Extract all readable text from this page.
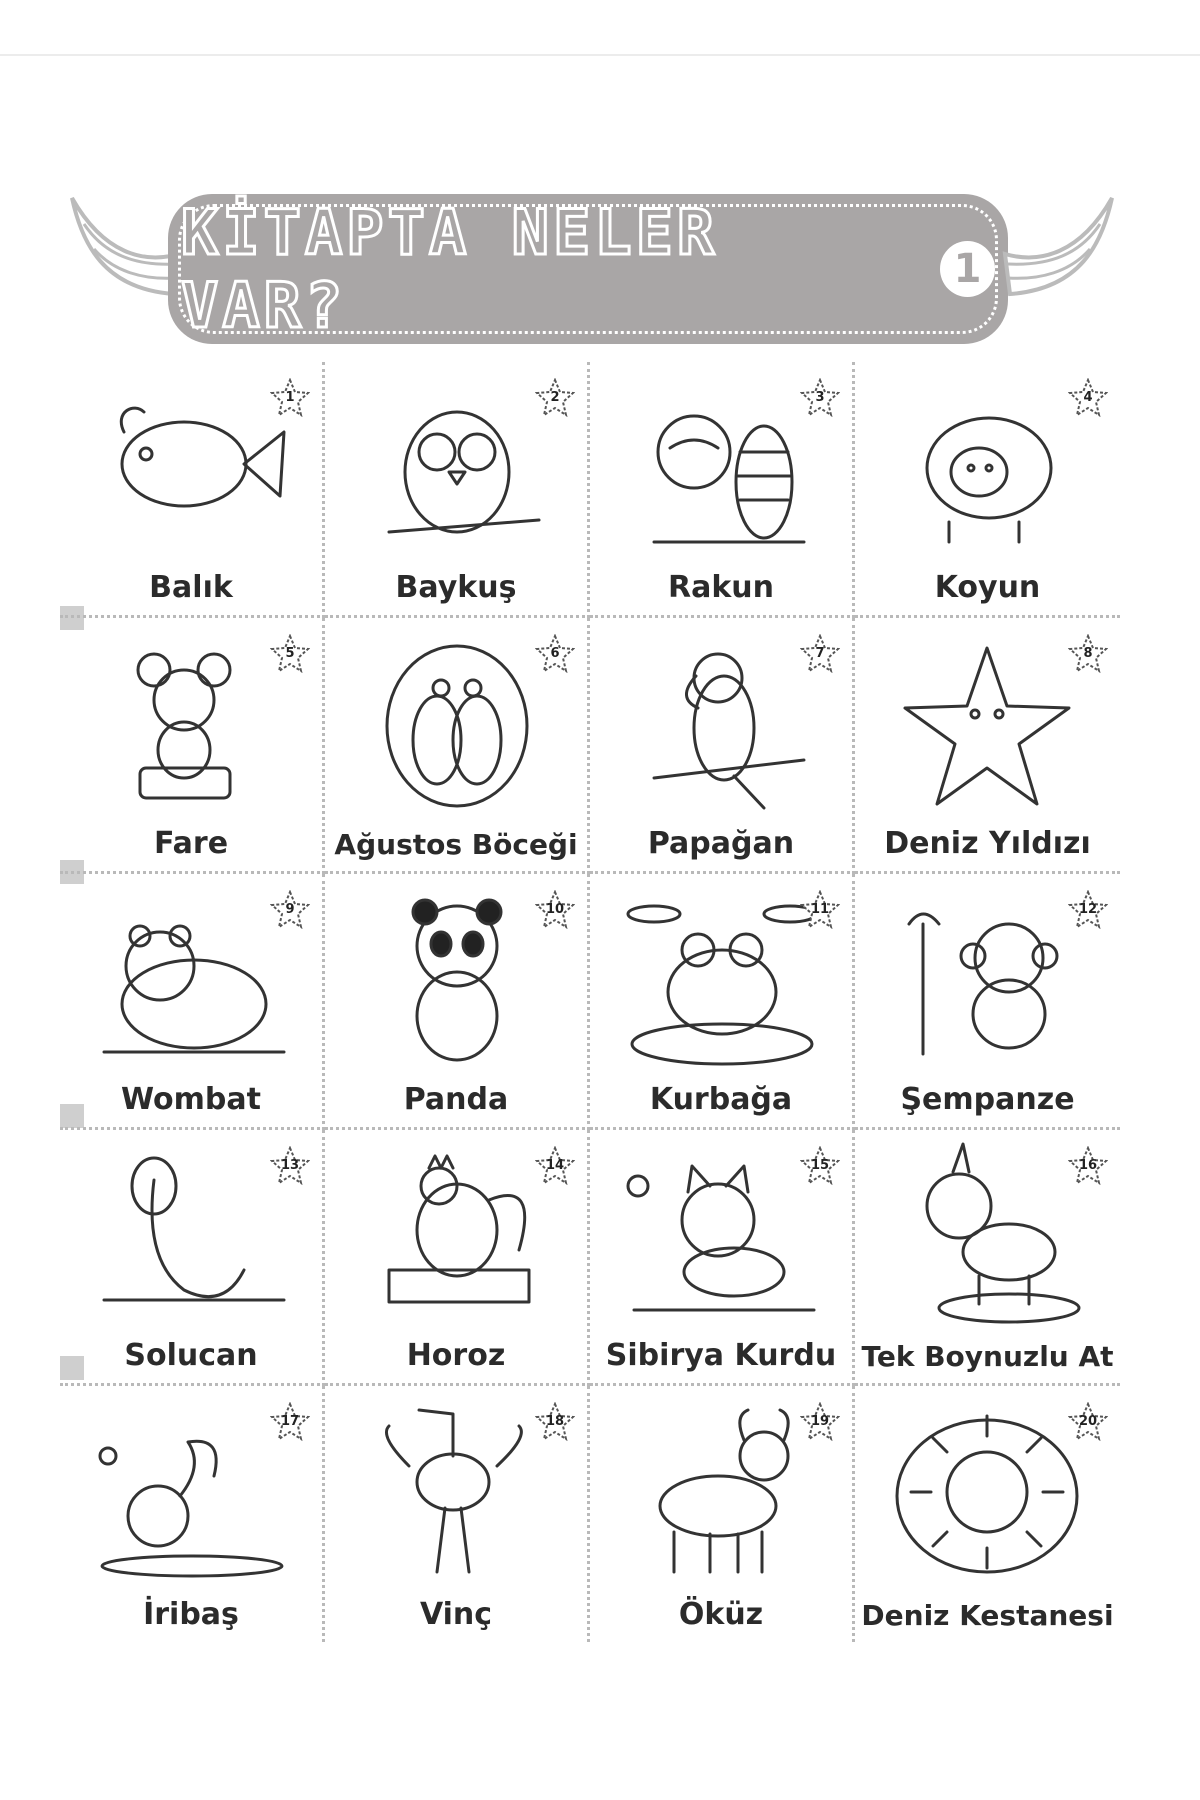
KİTAPTA NELER VAR?	1
1
Balık
2
Baykuş
3
Rakun
4
Koyun
5
Fare
6
Ağustos Böceği
7
Papağan
8
Deniz Yıldızı
9
Wombat
10
Panda
11
Kurbağa
12
Şempanze
13
Solucan
14
Horoz
15
Sibirya Kurdu
16
Tek Boynuzlu At
17
İribaş
18
Vinç
19
Öküz
20
Deniz Kestanesi
